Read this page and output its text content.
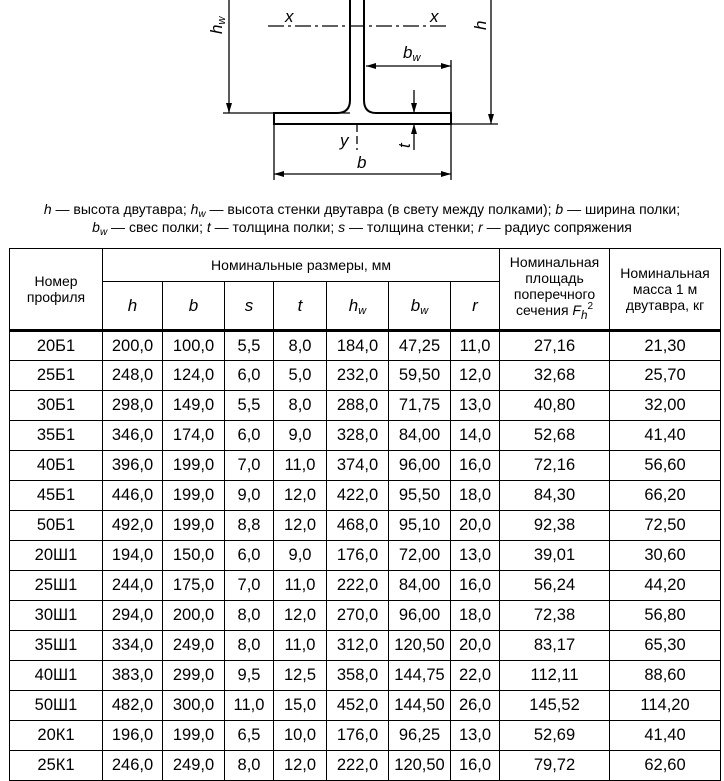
hw	x	x h
bw
y	t
b
h — высота двутавра; $h_w$ — высота стенки двутавра (в свету между полками); b — ширина полки;
$b_w$ — свес полки; t — толщина полки; s — толщина стенки; r — радиус сопряжения
Номер профиля	Номинальные размеры, мм							Номинальная площадь поперечного сечения $F_h^2$	Номинальная масса 1 м двутавра, кг
	h	b	s	t	$h_w$	$b_w$	r		
20Б1	200,0	100,0	5,5	8,0	184,0	47,25	11,0	27,16	21,30
25Б1	248,0	124,0	6,0	5,0	232,0	59,50	12,0	32,68	25,70
30Б1	298,0	149,0	5,5	8,0	288,0	71,75	13,0	40,80	32,00
35Б1	346,0	174,0	6,0	9,0	328,0	84,00	14,0	52,68	41,40
40Б1	396,0	199,0	7,0	11,0	374,0	96,00	16,0	72,16	56,60
45Б1	446,0	199,0	9,0	12,0	422,0	95,50	18,0	84,30	66,20
50Б1	492,0	199,0	8,8	12,0	468,0	95,10	20,0	92,38	72,50
20Ш1	194,0	150,0	6,0	9,0	176,0	72,00	13,0	39,01	30,60
25Ш1	244,0	175,0	7,0	11,0	222,0	84,00	16,0	56,24	44,20
30Ш1	294,0	200,0	8,0	12,0	270,0	96,00	18,0	72,38	56,80
35Ш1	334,0	249,0	8,0	11,0	312,0	120,50	20,0	83,17	65,30
40Ш1	383,0	299,0	9,5	12,5	358,0	144,75	22,0	112,11	88,60
50Ш1	482,0	300,0	11,0	15,0	452,0	144,50	26,0	145,52	114,20
20К1	196,0	199,0	6,5	10,0	176,0	96,25	13,0	52,69	41,40
25К1	246,0	249,0	8,0	12,0	222,0	120,50	16,0	79,72	62,60
